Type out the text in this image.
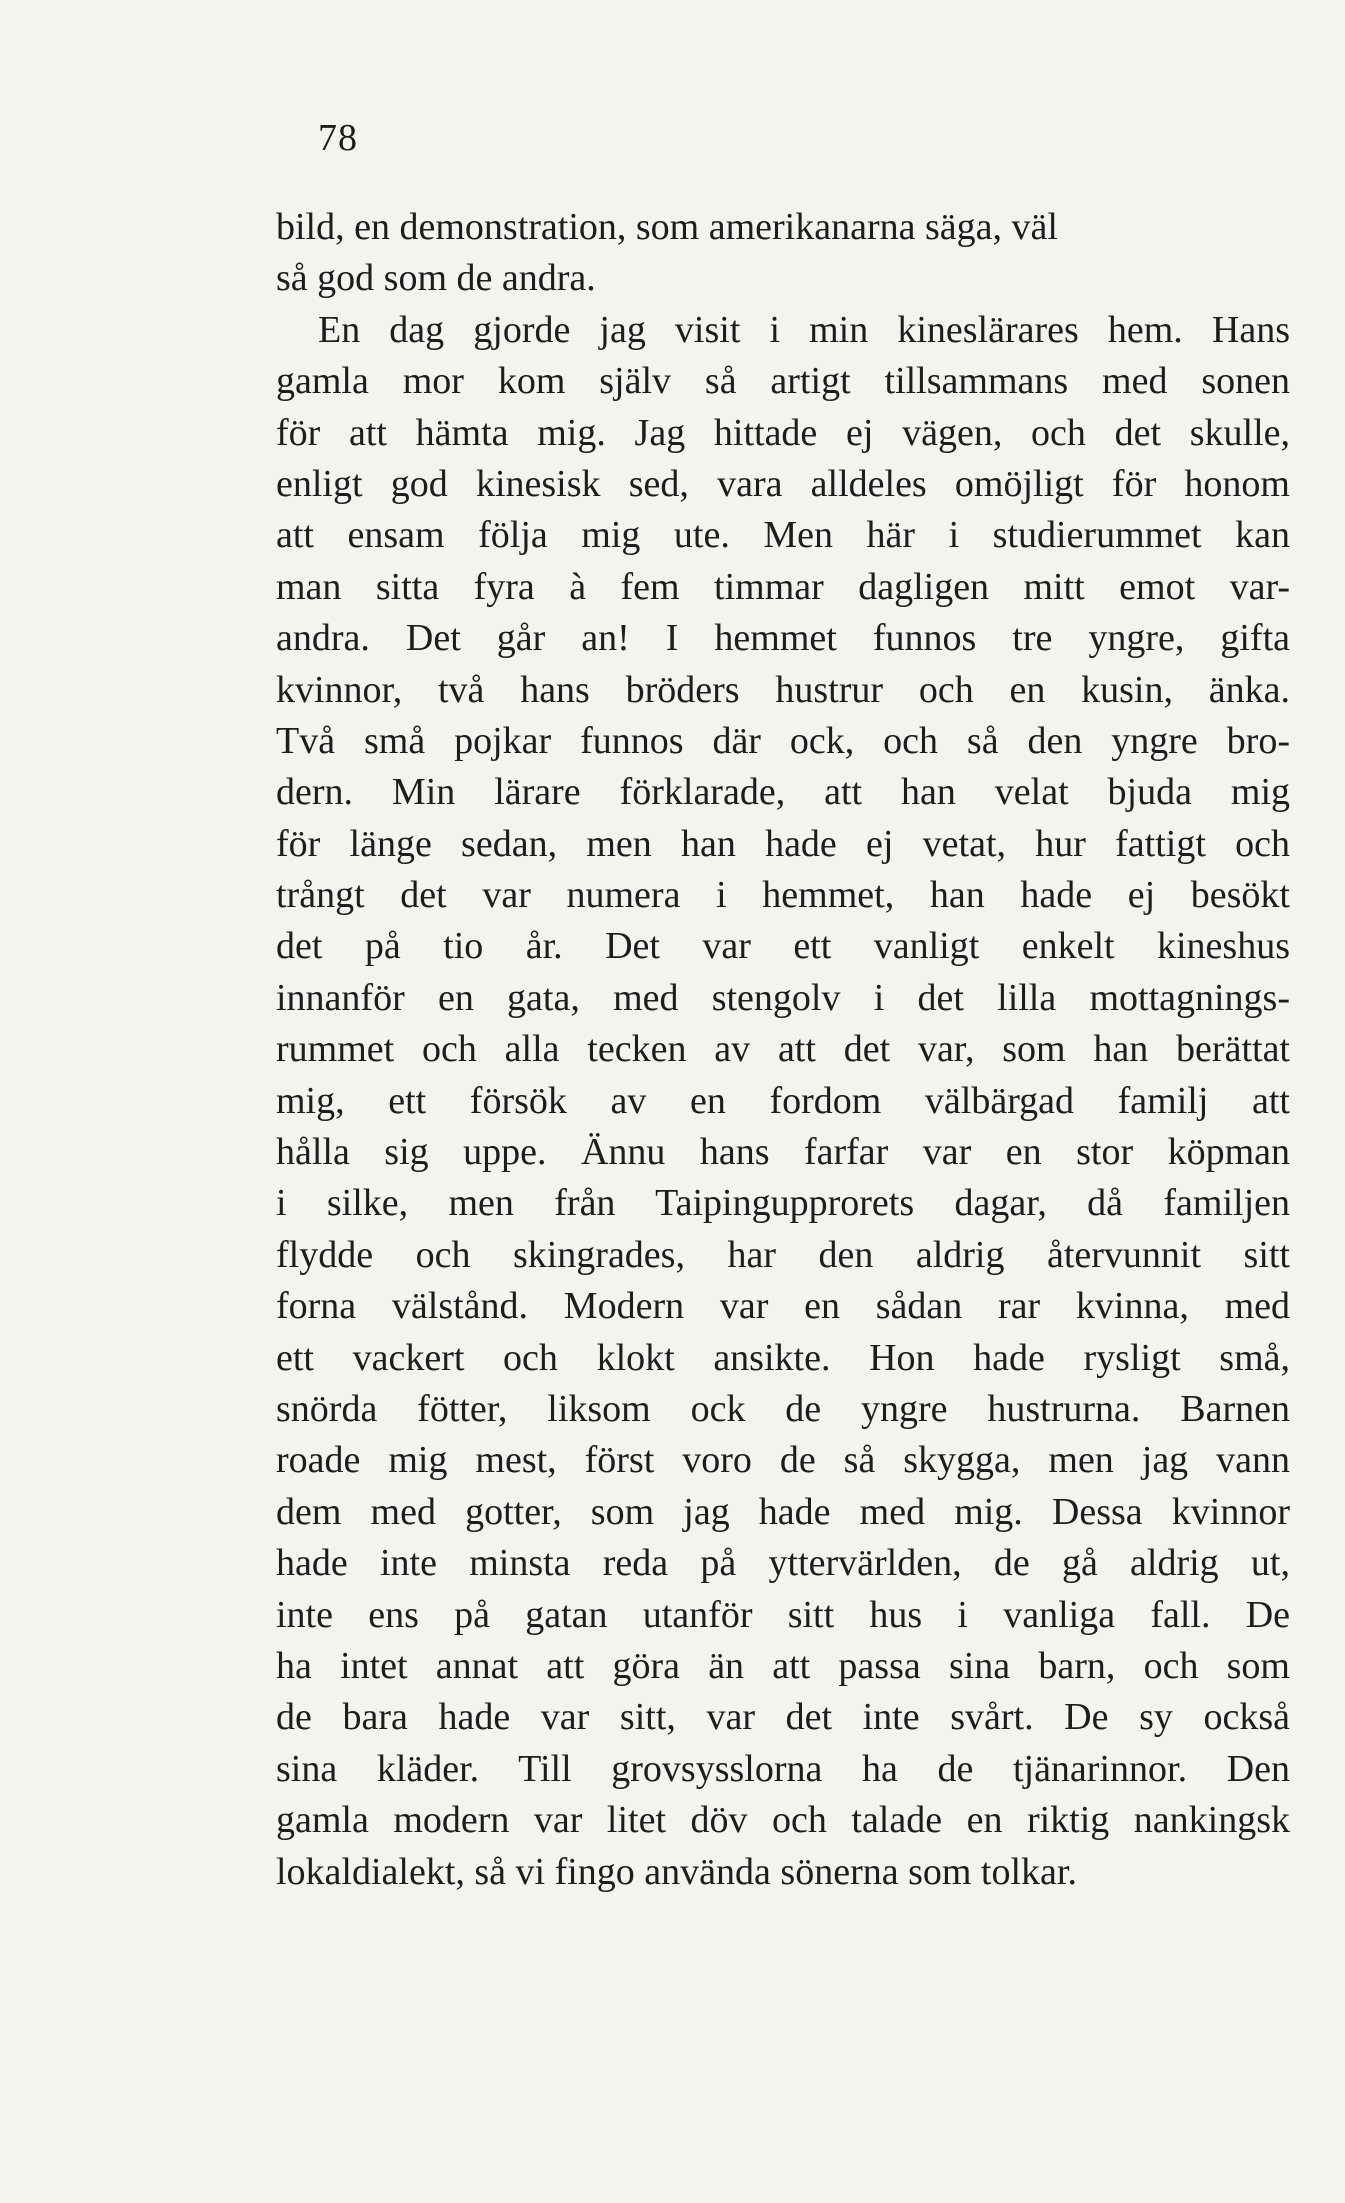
78
bild, en demonstration, som amerikanarna säga, väl
så god som de andra.
En dag gjorde jag visit i min kineslärares hem. Hans
gamla mor kom själv så artigt tillsammans med sonen
för att hämta mig. Jag hittade ej vägen, och det skulle,
enligt god kinesisk sed, vara alldeles omöjligt för honom
att ensam följa mig ute. Men här i studierummet kan
man sitta fyra à fem timmar dagligen mitt emot var-
andra. Det går an! I hemmet funnos tre yngre, gifta
kvinnor, två hans bröders hustrur och en kusin, änka.
Två små pojkar funnos där ock, och så den yngre bro-
dern. Min lärare förklarade, att han velat bjuda mig
för länge sedan, men han hade ej vetat, hur fattigt och
trångt det var numera i hemmet, han hade ej besökt
det på tio år. Det var ett vanligt enkelt kineshus
innanför en gata, med stengolv i det lilla mottagnings-
rummet och alla tecken av att det var, som han berättat
mig, ett försök av en fordom välbärgad familj att
hålla sig uppe. Ännu hans farfar var en stor köpman
i silke, men från Taipingupprorets dagar, då familjen
flydde och skingrades, har den aldrig återvunnit sitt
forna välstånd. Modern var en sådan rar kvinna, med
ett vackert och klokt ansikte. Hon hade rysligt små,
snörda fötter, liksom ock de yngre hustrurna. Barnen
roade mig mest, först voro de så skygga, men jag vann
dem med gotter, som jag hade med mig. Dessa kvinnor
hade inte minsta reda på yttervärlden, de gå aldrig ut,
inte ens på gatan utanför sitt hus i vanliga fall. De
ha intet annat att göra än att passa sina barn, och som
de bara hade var sitt, var det inte svårt. De sy också
sina kläder. Till grovsysslorna ha de tjänarinnor. Den
gamla modern var litet döv och talade en riktig nankingsk
lokaldialekt, så vi fingo använda sönerna som tolkar.
